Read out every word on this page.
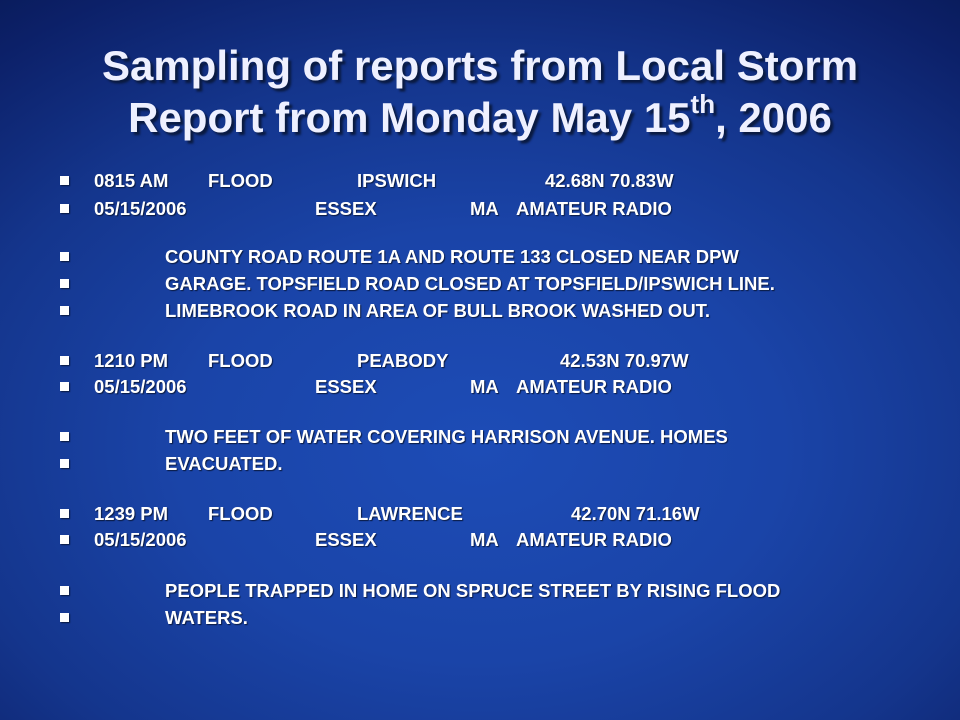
Sampling of reports from Local Storm Report from Monday May 15th, 2006
0815 AM FLOOD	IPSWICH	42.68N 70.83W
05/15/2006	ESSEX	MA AMATEUR RADIO
COUNTY ROAD ROUTE 1A AND ROUTE 133 CLOSED NEAR DPW
GARAGE. TOPSFIELD ROAD CLOSED AT TOPSFIELD/IPSWICH LINE.
LIMEBROOK ROAD IN AREA OF BULL BROOK WASHED OUT.
1210 PM FLOOD	PEABODY	42.53N 70.97W
05/15/2006	ESSEX	MA AMATEUR RADIO
TWO FEET OF WATER COVERING HARRISON AVENUE. HOMES
EVACUATED.
1239 PM FLOOD	LAWRENCE	42.70N 71.16W
05/15/2006	ESSEX	MA AMATEUR RADIO
PEOPLE TRAPPED IN HOME ON SPRUCE STREET BY RISING FLOOD
WATERS.
